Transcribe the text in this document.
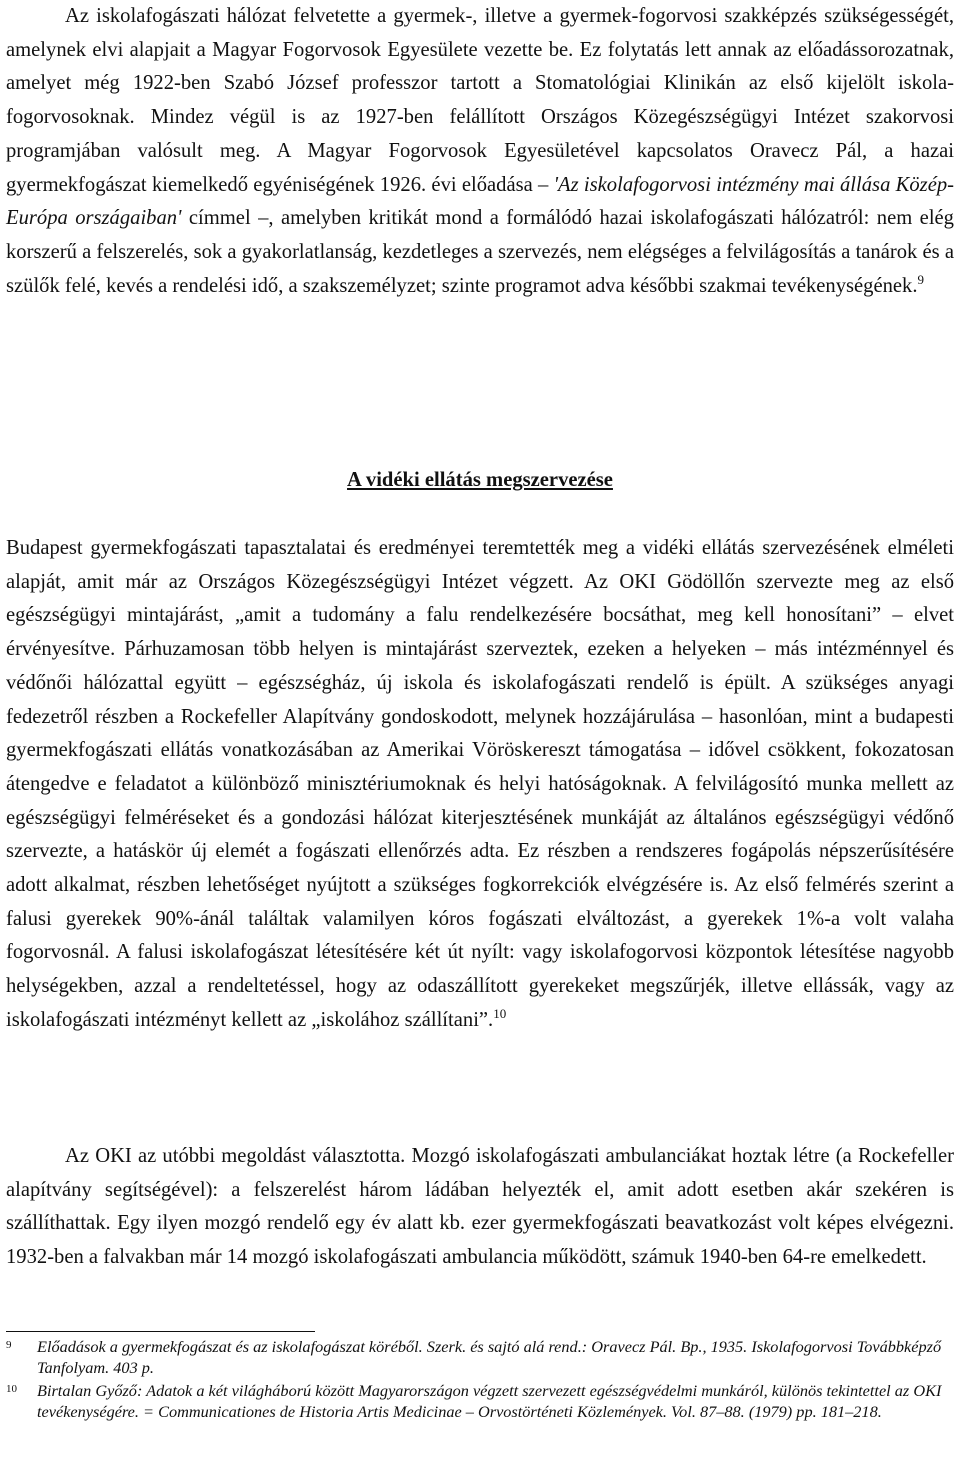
Az iskolafogászati hálózat felvetette a gyermek-, illetve a gyermek-fogorvosi szakképzés szükségességét, amelynek elvi alapjait a Magyar Fogorvosok Egyesülete vezette be. Ez folytatás lett annak az előadássorozatnak, amelyet még 1922-ben Szabó József professzor tartott a Stomatológiai Klinikán az első kijelölt iskola-fogorvosoknak. Mindez végül is az 1927-ben felállított Országos Közegészségügyi Intézet szakorvosi programjában valósult meg. A Magyar Fogorvosok Egyesületével kapcsolatos Oravecz Pál, a hazai gyermekfogászat kiemelkedő egyéniségének 1926. évi előadása – 'Az iskolafogorvosi intézmény mai állása Közép-Európa országaiban' címmel –, amelyben kritikát mond a formálódó hazai iskolafogászati hálózatról: nem elég korszerű a felszerelés, sok a gyakorlatlanság, kezdetleges a szervezés, nem elégséges a felvilágosítás a tanárok és a szülők felé, kevés a rendelési idő, a szakszemélyzet; szinte programot adva későbbi szakmai tevékenységének.$^9$

A vidéki ellátás megszervezése

Budapest gyermekfogászati tapasztalatai és eredményei teremtették meg a vidéki ellátás szervezésének elméleti alapját, amit már az Országos Közegészségügyi Intézet végzett. Az OKI Gödöllőn szervezte meg az első egészségügyi mintajárást, „amit a tudomány a falu rendelkezésére bocsáthat, meg kell honosítani” – elvet érvényesítve. Párhuzamosan több helyen is mintajárást szerveztek, ezeken a helyeken – más intézménnyel és védőnői hálózattal együtt – egészségház, új iskola és iskolafogászati rendelő is épült. A szükséges anyagi fedezetről részben a Rockefeller Alapítvány gondoskodott, melynek hozzájárulása – hasonlóan, mint a budapesti gyermekfogászati ellátás vonatkozásában az Amerikai Vöröskereszt támogatása – idővel csökkent, fokozatosan átengedve e feladatot a különböző minisztériumoknak és helyi hatóságoknak. A felvilágosító munka mellett az egészségügyi felméréseket és a gondozási hálózat kiterjesztésének munkáját az általános egészségügyi védőnő szervezte, a hatáskör új elemét a fogászati ellenőrzés adta. Ez részben a rendszeres fogápolás népszerűsítésére adott alkalmat, részben lehetőséget nyújtott a szükséges fogkorrekciók elvégzésére is. Az első felmérés szerint a falusi gyerekek 90%-ánál találtak valamilyen kóros fogászati elváltozást, a gyerekek 1%-a volt valaha fogorvosnál. A falusi iskolafogászat létesítésére két út nyílt: vagy iskolafogorvosi központok létesítése nagyobb helységekben, azzal a rendeltetéssel, hogy az odaszállított gyerekeket megszűrjék, illetve ellássák, vagy az iskolafogászati intézményt kellett az „iskolához szállítani”.$^{10}$

Az OKI az utóbbi megoldást választotta. Mozgó iskolafogászati ambulanciákat hoztak létre (a Rockefeller alapítvány segítségével): a felszerelést három ládában helyezték el, amit adott esetben akár szekéren is szállíthattak. Egy ilyen mozgó rendelő egy év alatt kb. ezer gyermekfogászati beavatkozást volt képes elvégezni. 1932-ben a falvakban már 14 mozgó iskolafogászati ambulancia működött, számuk 1940-ben 64-re emelkedett.

9 Előadások a gyermekfogászat és az iskolafogászat köréből. Szerk. és sajtó alá rend.: Oravecz Pál. Bp., 1935. Iskolafogorvosi Továbbképző Tanfolyam. 403 p.

10 Birtalan Győző: Adatok a két világháború között Magyarországon végzett szervezett egészségvédelmi munkáról, különös tekintettel az OKI tevékenységére. = Communicationes de Historia Artis Medicinae – Orvostörténeti Közlemények. Vol. 87–88. (1979) pp. 181–218.
